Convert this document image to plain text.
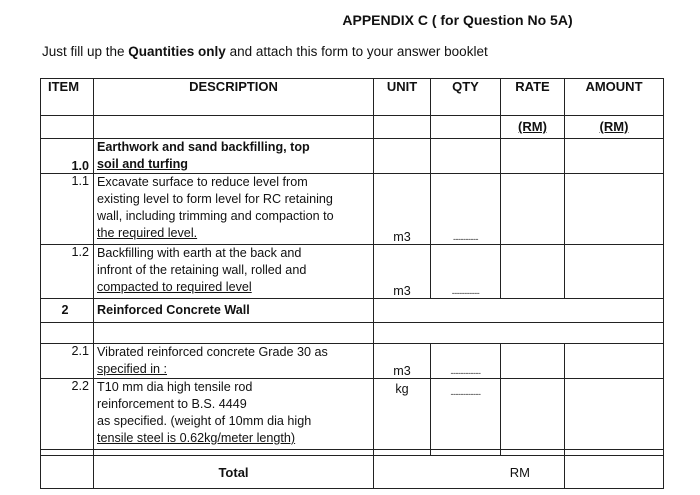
APPENDIX C ( for Question No 5A)
Just fill up the Quantities only and attach this form to your answer booklet
ITEM	DESCRIPTION	UNIT	QTY	RATE	AMOUNT

				(RM)	(RM)

1.0	Earthwork and sand backfilling, top
soil and turfing				

1.1	Excavate surface to reduce level from
existing level to form level for RC retaining
wall, including trimming and compaction to
the required level.	m3	----------		
1.2	Backfilling with earth at the back and
infront of the retaining wall, rolled and
compacted to required level	m3	-----------		
2	Reinforced Concrete Wall				

2.1	Vibrated reinforced concrete Grade 30 as
specified in :	m3	------------		
2.2	T10 mm dia high tensile rod
reinforcement to B.S. 4449
as specified. (weight of 10mm dia high
tensile steel is 0.62kg/meter length)	kg	------------		

	Total	RM			
